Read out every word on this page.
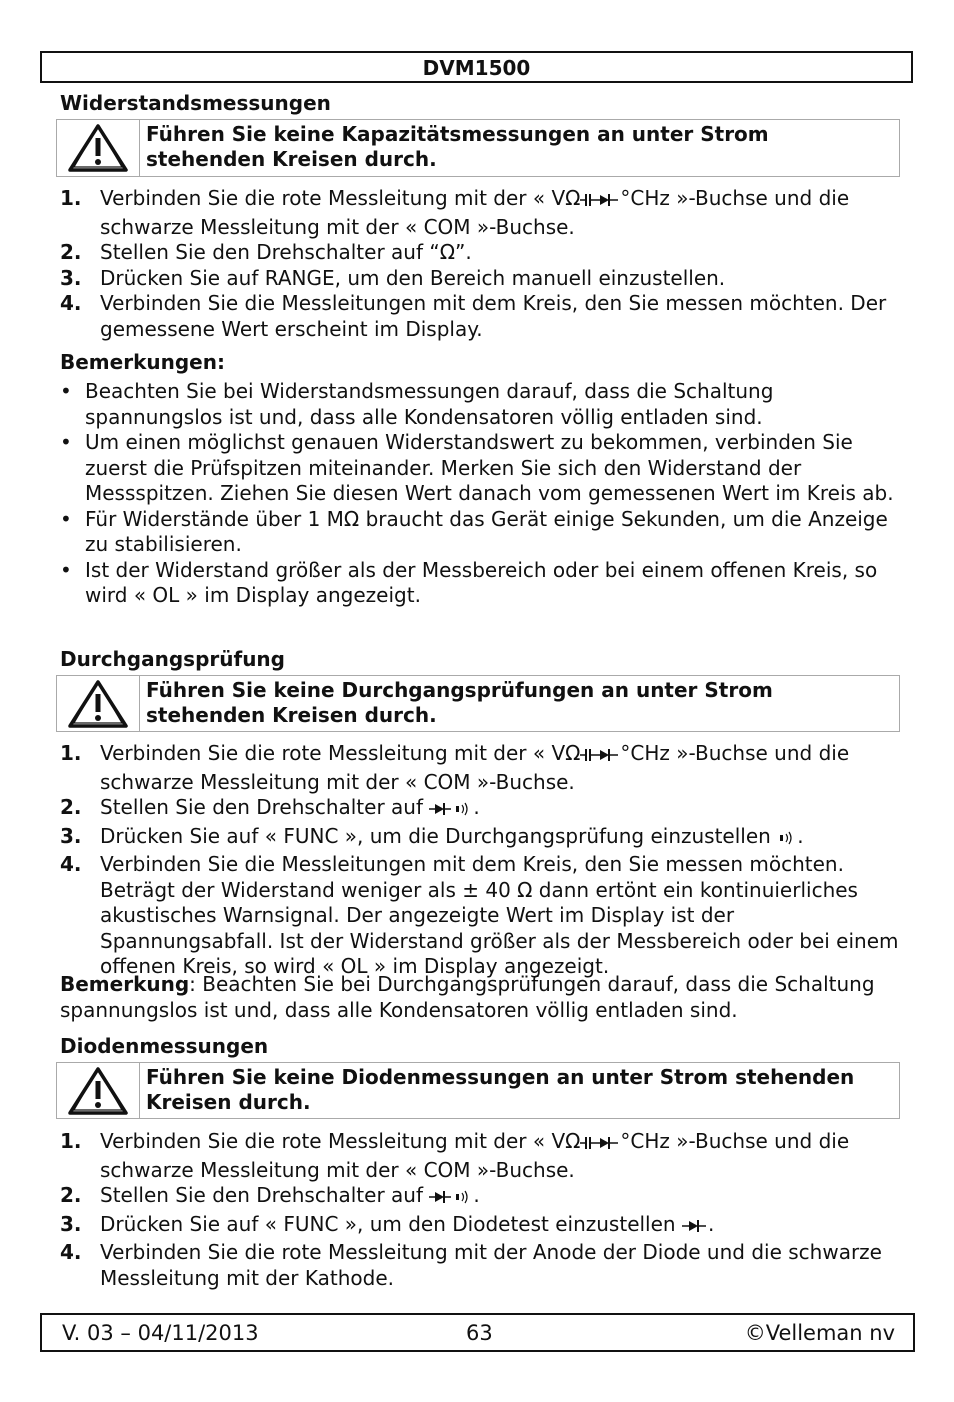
DVM1500
Widerstandsmessungen
Führen Sie keine Kapazitätsmessungen an unter Strom
stehenden Kreisen durch.
1. Verbinden Sie die rote Messleitung mit der « VΩ °CHz »-Buchse und die schwarze Messleitung mit der « COM »-Buchse.
2. Stellen Sie den Drehschalter auf “Ω”.
3. Drücken Sie auf RANGE, um den Bereich manuell einzustellen.
4. Verbinden Sie die Messleitungen mit dem Kreis, den Sie messen möchten. Der gemessene Wert erscheint im Display.
Bemerkungen:
• Beachten Sie bei Widerstandsmessungen darauf, dass die Schaltung spannungslos ist und, dass alle Kondensatoren völlig entladen sind.
• Um einen möglichst genauen Widerstandswert zu bekommen, verbinden Sie zuerst die Prüfspitzen miteinander. Merken Sie sich den Widerstand der Messspitzen. Ziehen Sie diesen Wert danach vom gemessenen Wert im Kreis ab.
• Für Widerstände über 1 MΩ braucht das Gerät einige Sekunden, um die Anzeige zu stabilisieren.
• Ist der Widerstand größer als der Messbereich oder bei einem offenen Kreis, so wird « OL » im Display angezeigt.
Durchgangsprüfung
Führen Sie keine Durchgangsprüfungen an unter Strom
stehenden Kreisen durch.
1. Verbinden Sie die rote Messleitung mit der « VΩ °CHz »-Buchse und die schwarze Messleitung mit der « COM »-Buchse.
2. Stellen Sie den Drehschalter auf	.
3. Drücken Sie auf « FUNC », um die Durchgangsprüfung einzustellen .
4. Verbinden Sie die Messleitungen mit dem Kreis, den Sie messen möchten. Beträgt der Widerstand weniger als ± 40 Ω dann ertönt ein kontinuierliches akustisches Warnsignal. Der angezeigte Wert im Display ist der Spannungsabfall. Ist der Widerstand größer als der Messbereich oder bei einem offenen Kreis, so wird « OL » im Display angezeigt.
Bemerkung: Beachten Sie bei Durchgangsprüfungen darauf, dass die Schaltung spannungslos ist und, dass alle Kondensatoren völlig entladen sind.
Diodenmessungen
Führen Sie keine Diodenmessungen an unter Strom stehenden
Kreisen durch.
1. Verbinden Sie die rote Messleitung mit der « VΩ °CHz »-Buchse und die schwarze Messleitung mit der « COM »-Buchse.
2. Stellen Sie den Drehschalter auf	.
3. Drücken Sie auf « FUNC », um den Diodetest einzustellen .
4. Verbinden Sie die rote Messleitung mit der Anode der Diode und die schwarze Messleitung mit der Kathode.
V. 03 – 04/11/2013	63	©Velleman nv
